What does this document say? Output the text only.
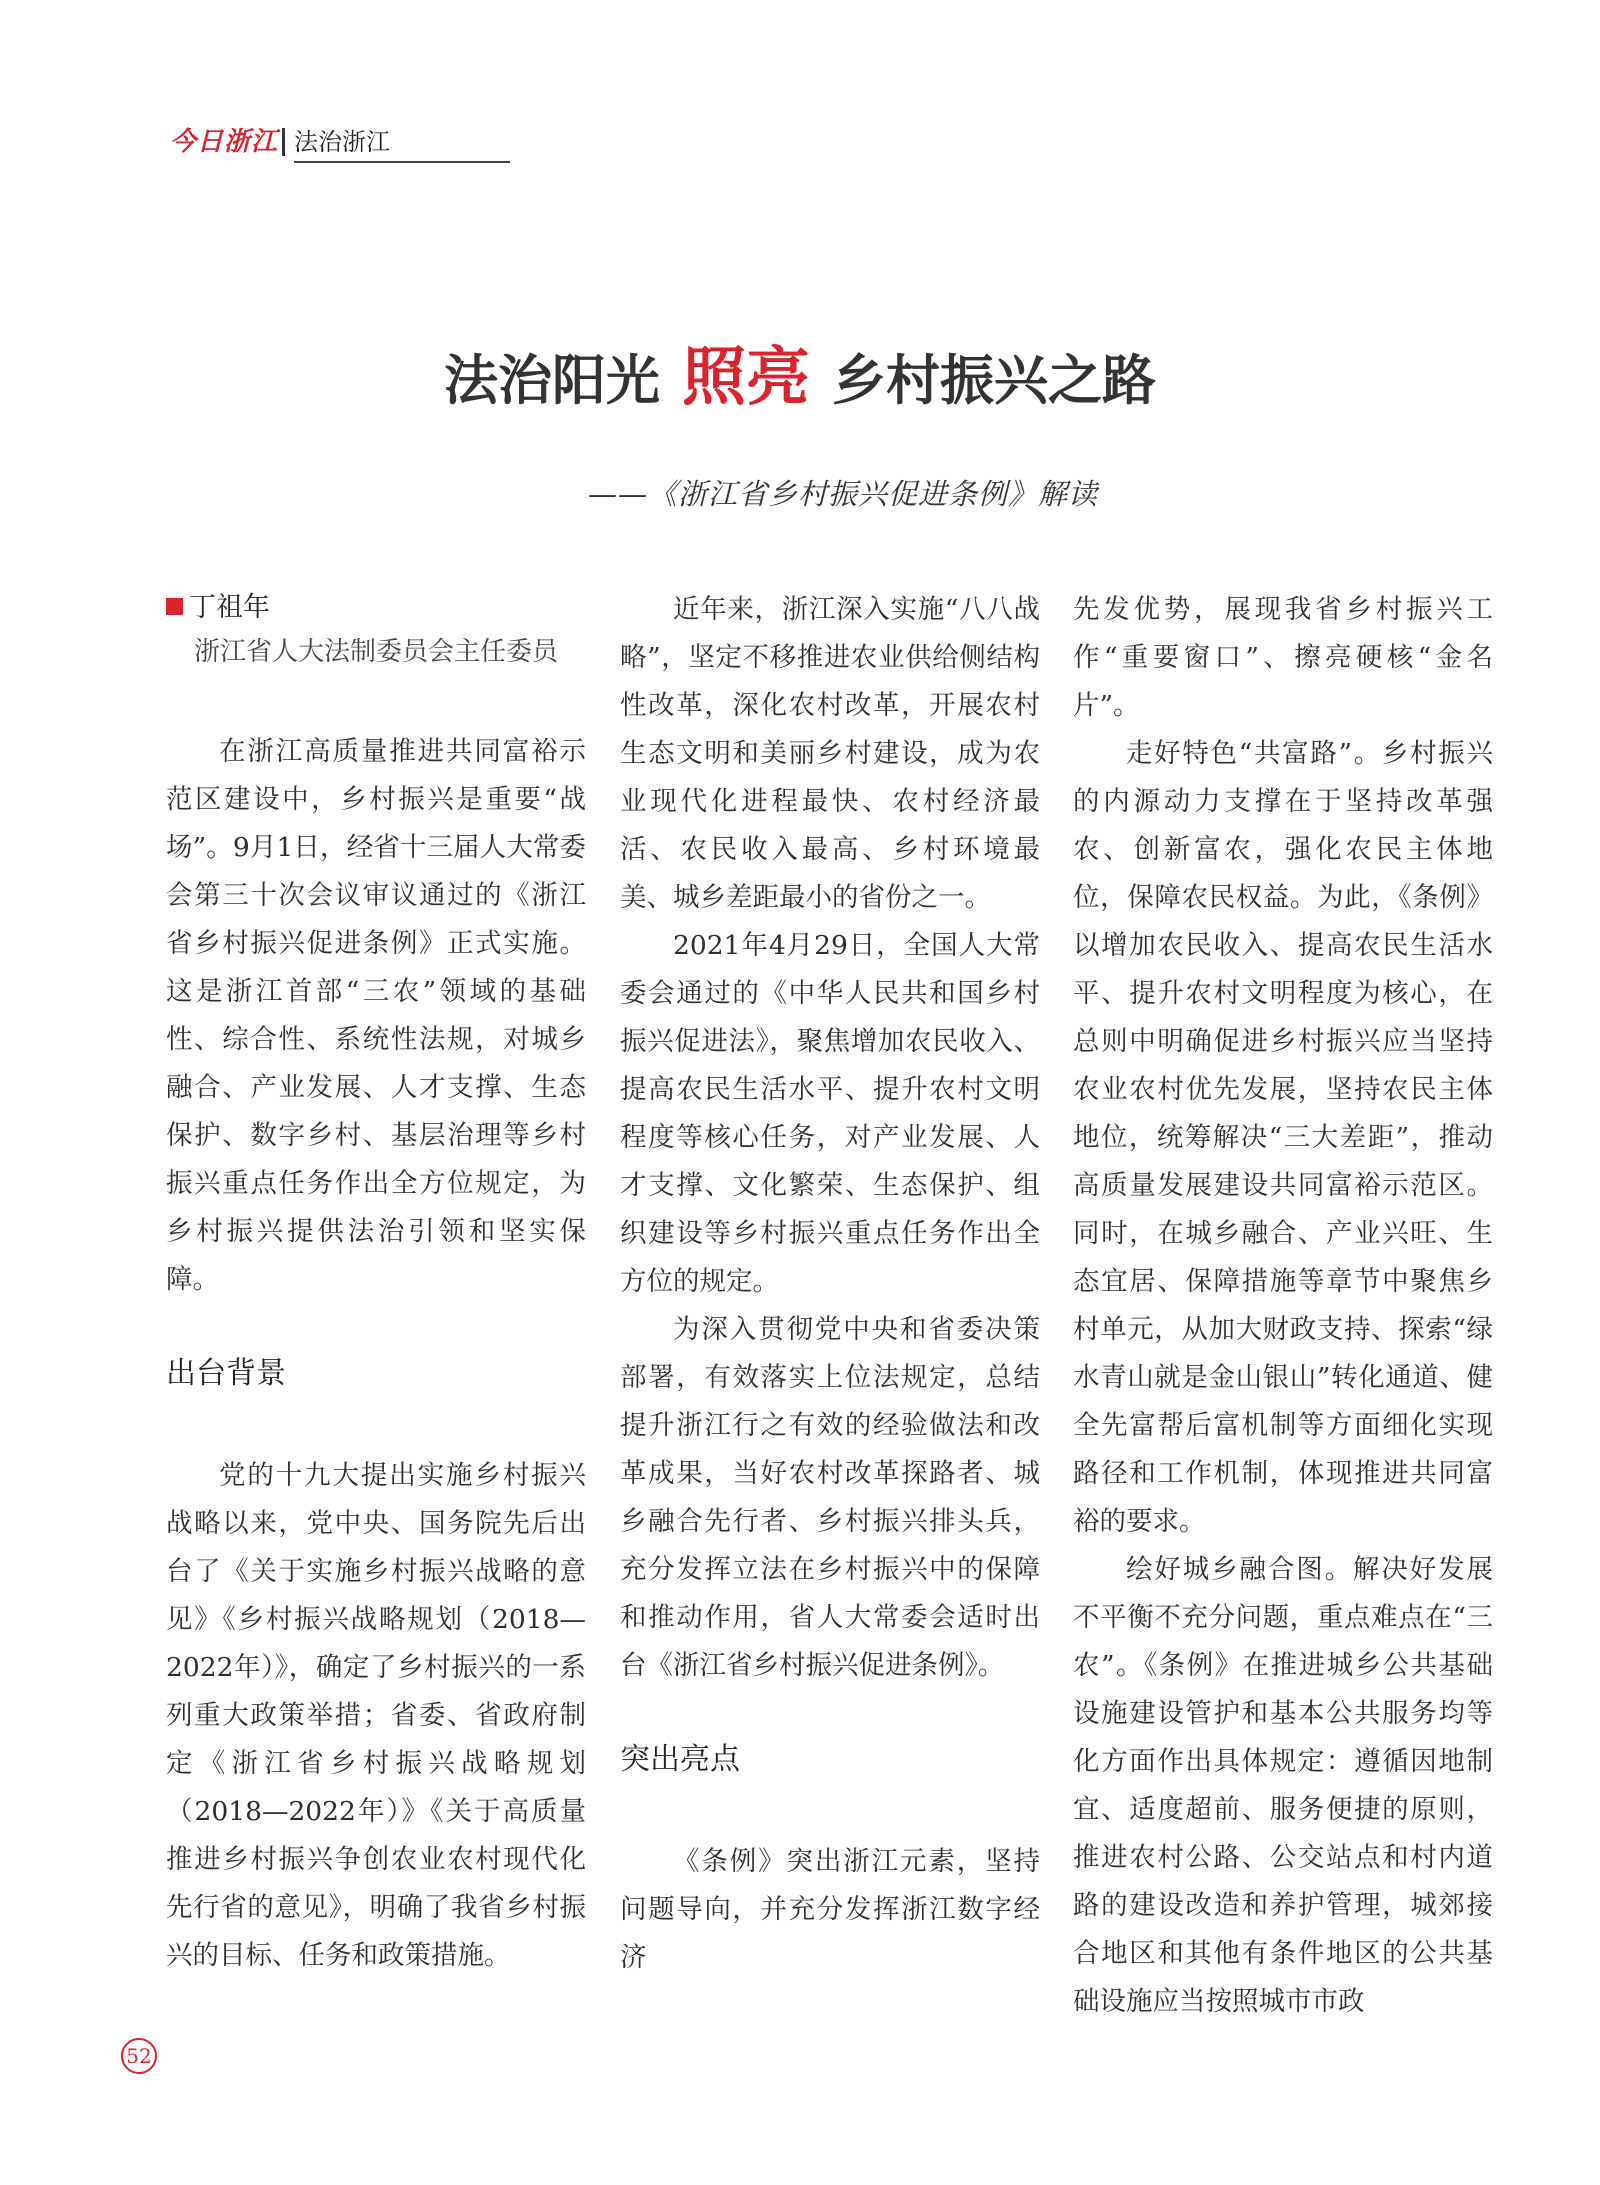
今日浙江 法治浙江
法治阳光 照亮 乡村振兴之路
——《浙江省乡村振兴促进条例》解读
丁祖年

浙江省人大法制委员会主任委员

在浙江高质量推进共同富裕示范区建设中，乡村振兴是重要“战场”。9月1日，经省十三届人大常委会第三十次会议审议通过的《浙江省乡村振兴促进条例》正式实施。这是浙江首部“三农”领域的基础性、综合性、系统性法规，对城乡融合、产业发展、人才支撑、生态保护、数字乡村、基层治理等乡村振兴重点任务作出全方位规定，为乡村振兴提供法治引领和坚实保障。

出台背景

党的十九大提出实施乡村振兴战略以来，党中央、国务院先后出台了《关于实施乡村振兴战略的意见》《乡村振兴战略规划（2018—2022年）》，确定了乡村振兴的一系列重大政策举措；省委、省政府制定《浙江省乡村振兴战略规划（2018—2022年）》《关于高质量推进乡村振兴争创农业农村现代化先行省的意见》，明确了我省乡村振兴的目标、任务和政策措施。

近年来，浙江深入实施“八八战略”，坚定不移推进农业供给侧结构性改革，深化农村改革，开展农村生态文明和美丽乡村建设，成为农业现代化进程最快、农村经济最活、农民收入最高、乡村环境最美、城乡差距最小的省份之一。

2021年4月29日，全国人大常委会通过的《中华人民共和国乡村振兴促进法》，聚焦增加农民收入、提高农民生活水平、提升农村文明程度等核心任务，对产业发展、人才支撑、文化繁荣、生态保护、组织建设等乡村振兴重点任务作出全方位的规定。

为深入贯彻党中央和省委决策部署，有效落实上位法规定，总结提升浙江行之有效的经验做法和改革成果，当好农村改革探路者、城乡融合先行者、乡村振兴排头兵，充分发挥立法在乡村振兴中的保障和推动作用，省人大常委会适时出台《浙江省乡村振兴促进条例》。

突出亮点

《条例》突出浙江元素，坚持问题导向，并充分发挥浙江数字经济

先发优势，展现我省乡村振兴工作“重要窗口”、擦亮硬核“金名片”。

走好特色“共富路”。乡村振兴的内源动力支撑在于坚持改革强农、创新富农，强化农民主体地位，保障农民权益。为此，《条例》以增加农民收入、提高农民生活水平、提升农村文明程度为核心，在总则中明确促进乡村振兴应当坚持农业农村优先发展，坚持农民主体地位，统筹解决“三大差距”，推动高质量发展建设共同富裕示范区。同时，在城乡融合、产业兴旺、生态宜居、保障措施等章节中聚焦乡村单元，从加大财政支持、探索“绿水青山就是金山银山”转化通道、健全先富帮后富机制等方面细化实现路径和工作机制，体现推进共同富裕的要求。

绘好城乡融合图。解决好发展不平衡不充分问题，重点难点在“三农”。《条例》在推进城乡公共基础设施建设管护和基本公共服务均等化方面作出具体规定：遵循因地制宜、适度超前、服务便捷的原则，推进农村公路、公交站点和村内道路的建设改造和养护管理，城郊接合地区和其他有条件地区的公共基础设施应当按照城市市政

52
